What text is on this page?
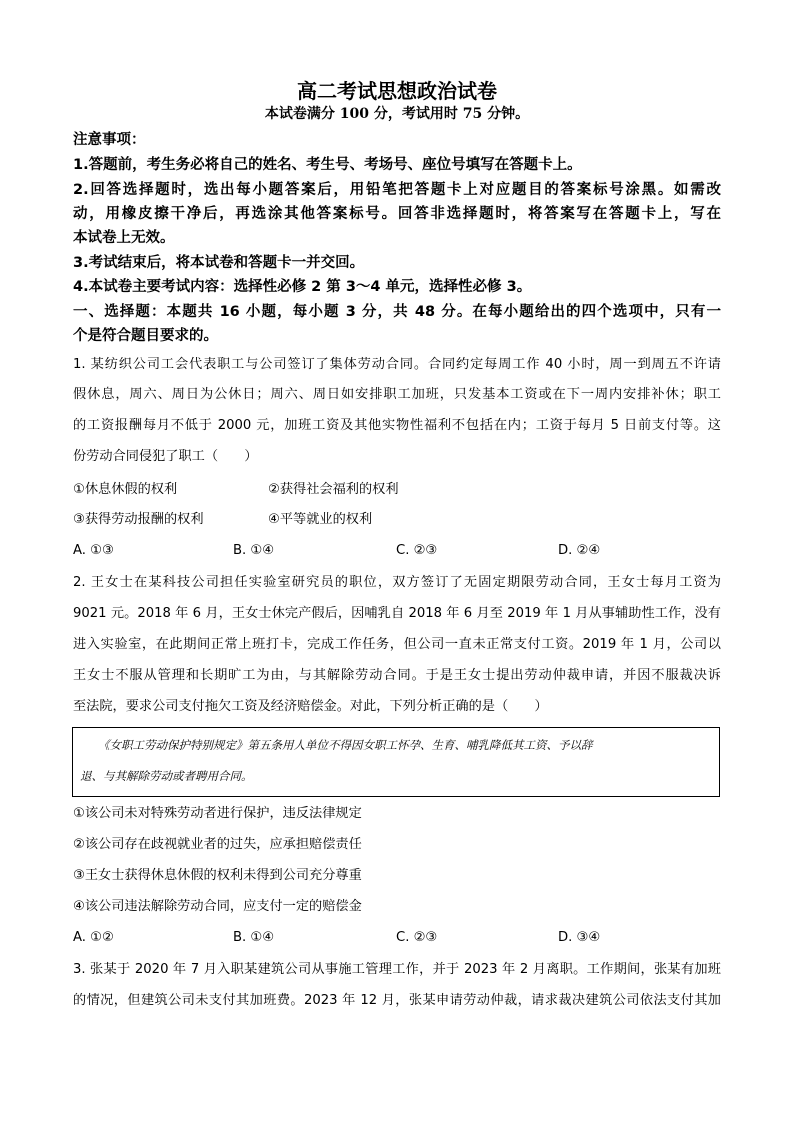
高二考试思想政治试卷
本试卷满分 100 分，考试用时 75 分钟。
注意事项：
1.答题前，考生务必将自己的姓名、考生号、考场号、座位号填写在答题卡上。
2.回答选择题时，选出每小题答案后，用铅笔把答题卡上对应题目的答案标号涂黑。如需改
动，用橡皮擦干净后，再选涂其他答案标号。回答非选择题时，将答案写在答题卡上，写在
本试卷上无效。
3.考试结束后，将本试卷和答题卡一并交回。
4.本试卷主要考试内容：选择性必修 2 第 3～4 单元，选择性必修 3。
一、选择题：本题共 16 小题，每小题 3 分，共 48 分。在每小题给出的四个选项中，只有一
个是符合题目要求的。
1. 某纺织公司工会代表职工与公司签订了集体劳动合同。合同约定每周工作 40 小时，周一到周五不许请
假休息，周六、周日为公休日；周六、周日如安排职工加班，只发基本工资或在下一周内安排补休；职工
的工资报酬每月不低于 2000 元，加班工资及其他实物性福利不包括在内；工资于每月 5 日前支付等。这
份劳动合同侵犯了职工（　　）
①休息休假的权利	②获得社会福利的权利
③获得劳动报酬的权利	④平等就业的权利
A. ①③	B. ①④	C. ②③	D. ②④
2. 王女士在某科技公司担任实验室研究员的职位，双方签订了无固定期限劳动合同，王女士每月工资为
9021 元。2018 年 6 月，王女士休完产假后，因哺乳自 2018 年 6 月至 2019 年 1 月从事辅助性工作，没有
进入实验室，在此期间正常上班打卡，完成工作任务，但公司一直未正常支付工资。2019 年 1 月，公司以
王女士不服从管理和长期旷工为由，与其解除劳动合同。于是王女士提出劳动仲裁申请，并因不服裁决诉
至法院，要求公司支付拖欠工资及经济赔偿金。对此，下列分析正确的是（　　）
《女职工劳动保护特别规定》第五条用人单位不得因女职工怀孕、生育、哺乳降低其工资、予以辞
退、与其解除劳动或者聘用合同。
①该公司未对特殊劳动者进行保护，违反法律规定
②该公司存在歧视就业者的过失，应承担赔偿责任
③王女士获得休息休假的权利未得到公司充分尊重
④该公司违法解除劳动合同，应支付一定的赔偿金
A. ①②	B. ①④	C. ②③	D. ③④
3. 张某于 2020 年 7 月入职某建筑公司从事施工管理工作，并于 2023 年 2 月离职。工作期间，张某有加班
的情况，但建筑公司未支付其加班费。2023 年 12 月，张某申请劳动仲裁，请求裁决建筑公司依法支付其加
